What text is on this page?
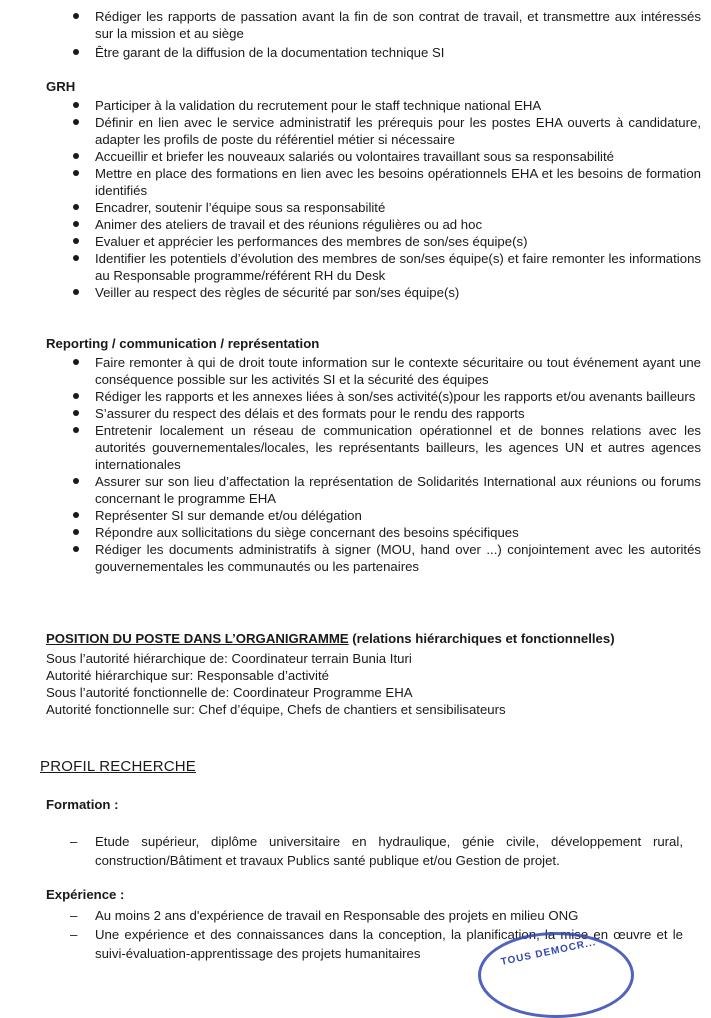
Rédiger les rapports de passation avant la fin de son contrat de travail, et transmettre aux intéressés sur la mission et au siège
Être garant de la diffusion de la documentation technique SI
GRH
Participer à la validation du recrutement pour le staff technique national EHA
Définir en lien avec le service administratif les prérequis pour les postes EHA ouverts à candidature, adapter les profils de poste du référentiel métier si nécessaire
Accueillir et briefer les nouveaux salariés ou volontaires travaillant sous sa responsabilité
Mettre en place des formations en lien avec les besoins opérationnels EHA et les besoins de formation identifiés
Encadrer, soutenir l’équipe sous sa responsabilité
Animer des ateliers de travail et des réunions régulières ou ad hoc
Evaluer et apprécier les performances des membres de son/ses équipe(s)
Identifier les potentiels d’évolution des membres de son/ses équipe(s) et faire remonter les informations au Responsable programme/référent RH du Desk
Veiller au respect des règles de sécurité par son/ses équipe(s)
Reporting / communication / représentation
Faire remonter à qui de droit toute information sur le contexte sécuritaire ou tout événement ayant une conséquence possible sur les activités SI et la sécurité des équipes
Rédiger les rapports et les annexes liées à son/ses activité(s)pour les rapports et/ou avenants bailleurs
S’assurer du respect des délais et des formats pour le rendu des rapports
Entretenir localement un réseau de communication opérationnel et de bonnes relations avec les autorités gouvernementales/locales, les représentants bailleurs, les agences UN et autres agences internationales
Assurer sur son lieu d’affectation la représentation de Solidarités International aux réunions ou forums concernant le programme EHA
Représenter SI sur demande et/ou délégation
Répondre aux sollicitations du siège concernant des besoins spécifiques
Rédiger les documents administratifs à signer (MOU, hand over ...) conjointement avec les autorités gouvernementales les communautés ou les partenaires
POSITION DU POSTE DANS L’ORGANIGRAMME (relations hiérarchiques et fonctionnelles)
Sous l’autorité hiérarchique de: Coordinateur terrain Bunia Ituri
Autorité hiérarchique sur: Responsable d’activité
Sous l’autorité fonctionnelle de: Coordinateur Programme EHA
Autorité fonctionnelle sur: Chef d’équipe, Chefs de chantiers et sensibilisateurs
PROFIL RECHERCHE
Formation :
– Etude supérieur, diplôme universitaire en hydraulique, génie civile, développement rural, construction/Bâtiment et travaux Publics santé publique et/ou Gestion de projet.
Expérience :
– Au moins 2 ans d'expérience de travail en Responsable des projets en milieu ONG
– Une expérience et des connaissances dans la conception, la planification, la mise en œuvre et le suivi-évaluation-apprentissage des projets humanitaires	TOUS DEMOCR...
